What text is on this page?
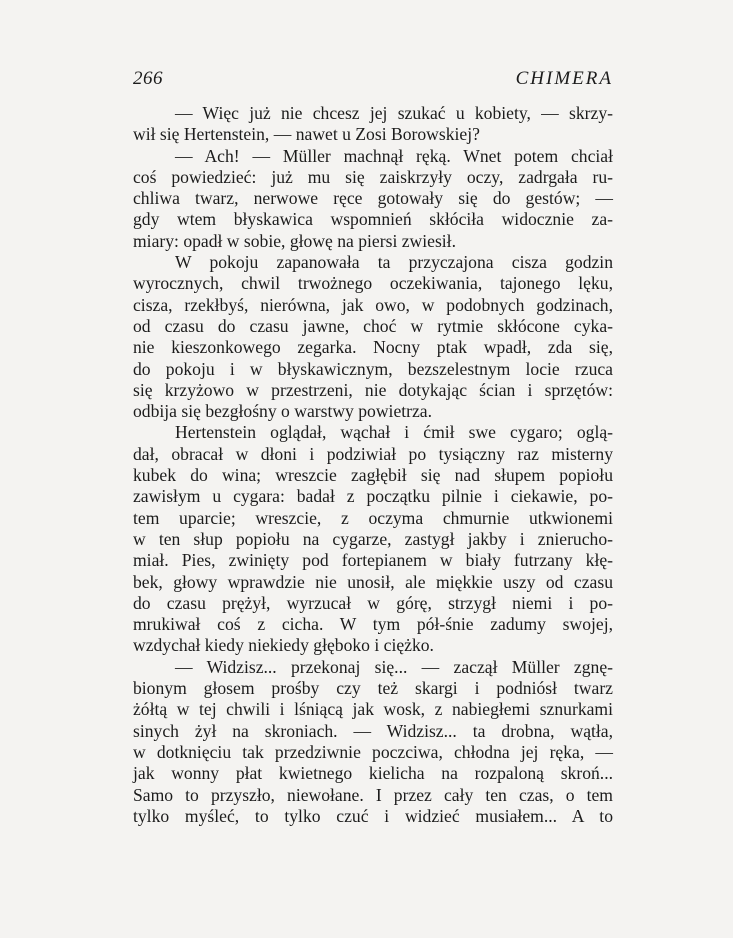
266	CHIMERA
— Więc już nie chcesz jej szukać u kobiety, — skrzy-
wił się Hertenstein, — nawet u Zosi Borowskiej?
— Ach! — Müller machnął ręką. Wnet potem chciał
coś powiedzieć: już mu się zaiskrzyły oczy, zadrgała ru-
chliwa twarz, nerwowe ręce gotowały się do gestów; —
gdy wtem błyskawica wspomnień skłóciła widocznie za-
miary: opadł w sobie, głowę na piersi zwiesił.
W pokoju zapanowała ta przyczajona cisza godzin
wyrocznych, chwil trwożnego oczekiwania, tajonego lęku,
cisza, rzekłbyś, nierówna, jak owo, w podobnych godzinach,
od czasu do czasu jawne, choć w rytmie skłócone cyka-
nie kieszonkowego zegarka. Nocny ptak wpadł, zda się,
do pokoju i w błyskawicznym, bezszelestnym locie rzuca
się krzyżowo w przestrzeni, nie dotykając ścian i sprzętów:
odbija się bezgłośny o warstwy powietrza.
Hertenstein oglądał, wąchał i ćmił swe cygaro; oglą-
dał, obracał w dłoni i podziwiał po tysiączny raz misterny
kubek do wina; wreszcie zagłębił się nad słupem popiołu
zawisłym u cygara: badał z początku pilnie i ciekawie, po-
tem uparcie; wreszcie, z oczyma chmurnie utkwionemi
w ten słup popiołu na cygarze, zastygł jakby i znierucho-
miał. Pies, zwinięty pod fortepianem w biały futrzany kłę-
bek, głowy wprawdzie nie unosił, ale miękkie uszy od czasu
do czasu prężył, wyrzucał w górę, strzygł niemi i po-
mrukiwał coś z cicha. W tym pół-śnie zadumy swojej,
wzdychał kiedy niekiedy głęboko i ciężko.
— Widzisz... przekonaj się... — zaczął Müller zgnę-
bionym głosem prośby czy też skargi i podniósł twarz
żółtą w tej chwili i lśniącą jak wosk, z nabiegłemi sznurkami
sinych żył na skroniach. — Widzisz... ta drobna, wątła,
w dotknięciu tak przedziwnie poczciwa, chłodna jej ręka, —
jak wonny płat kwietnego kielicha na rozpaloną skroń...
Samo to przyszło, niewołane. I przez cały ten czas, o tem
tylko myśleć, to tylko czuć i widzieć musiałem... A to
